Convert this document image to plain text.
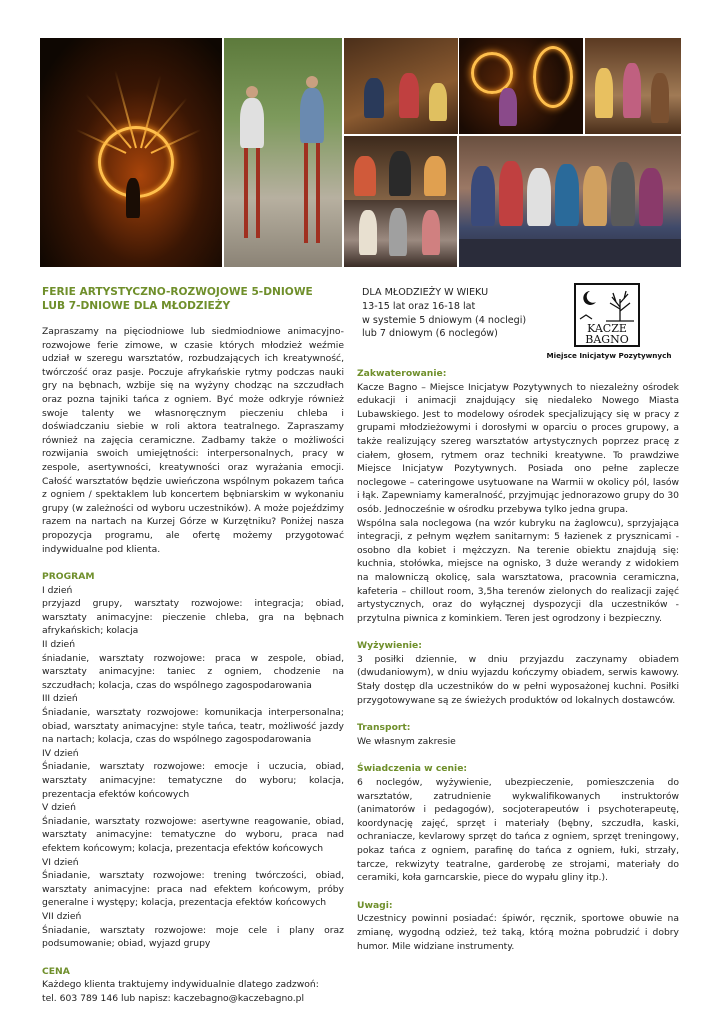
FERIE ARTYSTYCZNO-ROZWOJOWE 5-DNIOWE
LUB 7-DNIOWE DLA MŁODZIEŻY

Zapraszamy na pięciodniowe lub siedmiodniowe animacyjno-rozwojowe ferie zimowe, w czasie których młodzież weźmie udział w szeregu warsztatów, rozbudzających ich kreatywność, twórczość oraz pasje. Poczuje afrykańskie rytmy podczas nauki gry na bębnach, wzbije się na wyżyny chodząc na szczudłach oraz pozna tajniki tańca z ogniem. Być może odkryje również swoje talenty we własnoręcznym pieczeniu chleba i doświadczaniu siebie w roli aktora teatralnego. Zapraszamy również na zajęcia ceramiczne. Zadbamy także o możliwości rozwijania swoich umiejętności: interpersonalnych, pracy w zespole, asertywności, kreatywności oraz wyrażania emocji. Całość warsztatów będzie uwieńczona wspólnym pokazem tańca z ogniem / spektaklem lub koncertem bębniarskim w wykonaniu grupy (w zależności od wyboru uczestników). A może pojeździmy razem na nartach na Kurzej Górze w Kurzętniku? Poniżej nasza propozycja programu, ale ofertę możemy przygotować indywidualne pod klienta.

PROGRAM
I dzień

przyjazd grupy, warsztaty rozwojowe: integracja; obiad, warsztaty animacyjne: pieczenie chleba, gra na bębnach afrykańskich; kolacja

II dzień

śniadanie, warsztaty rozwojowe: praca w zespole, obiad, warsztaty animacyjne: taniec z ogniem, chodzenie na szczudłach; kolacja, czas do wspólnego zagospodarowania

III dzień

Śniadanie, warsztaty rozwojowe: komunikacja interpersonalna; obiad, warsztaty animacyjne: style tańca, teatr, możliwość jazdy na nartach; kolacja, czas do wspólnego zagospodarowania

IV dzień

Śniadanie, warsztaty rozwojowe: emocje i uczucia, obiad, warsztaty animacyjne: tematyczne do wyboru; kolacja, prezentacja efektów końcowych

V dzień

Śniadanie, warsztaty rozwojowe: asertywne reagowanie, obiad, warsztaty animacyjne: tematyczne do wyboru, praca nad efektem końcowym; kolacja, prezentacja efektów końcowych

VI dzień

Śniadanie, warsztaty rozwojowe: trening twórczości, obiad, warsztaty animacyjne: praca nad efektem końcowym, próby generalne i występy; kolacja, prezentacja efektów końcowych

VII dzień

Śniadanie, warsztaty rozwojowe: moje cele i plany oraz podsumowanie; obiad, wyjazd grupy

CENA
Każdego klienta traktujemy indywidualnie dlatego zadzwoń:
tel. 603 789 146 lub napisz: kaczebagno@kaczebagno.pl
DLA MŁODZIEŻY W WIEKU
13-15 lat oraz 16-18 lat
w systemie 5 dniowym (4 noclegi)
lub 7 dniowym (6 noclegów)	KACZE
BAGNO
Miejsce Inicjatyw Pozytywnych
Zakwaterowanie:

Kacze Bagno – Miejsce Inicjatyw Pozytywnych to niezależny ośrodek edukacji i animacji znajdujący się niedaleko Nowego Miasta Lubawskiego. Jest to modelowy ośrodek specjalizujący się w pracy z grupami młodzieżowymi i dorosłymi w oparciu o proces grupowy, a także realizujący szereg warsztatów artystycznych poprzez pracę z ciałem, głosem, rytmem oraz techniki kreatywne. To prawdziwe Miejsce Inicjatyw Pozytywnych. Posiada ono pełne zaplecze noclegowe – cateringowe usytuowane na Warmii w okolicy pól, lasów i łąk. Zapewniamy kameralność, przyjmując jednorazowo grupy do 30 osób. Jednocześnie w ośrodku przebywa tylko jedna grupa.

Wspólna sala noclegowa (na wzór kubryku na żaglowcu), sprzyjająca integracji, z pełnym węzłem sanitarnym: 5 łazienek z prysznicami - osobno dla kobiet i mężczyzn. Na terenie obiektu znajdują się: kuchnia, stołówka, miejsce na ognisko, 3 duże werandy z widokiem na malowniczą okolicę, sala warsztatowa, pracownia ceramiczna, kafeteria – chillout room, 3,5ha terenów zielonych do realizacji zajęć artystycznych, oraz do wyłącznej dyspozycji dla uczestników - przytulna piwnica z kominkiem. Teren jest ogrodzony i bezpieczny.

Wyżywienie:

3 posiłki dziennie, w dniu przyjazdu zaczynamy obiadem (dwudaniowym), w dniu wyjazdu kończymy obiadem, serwis kawowy. Stały dostęp dla uczestników do w pełni wyposażonej kuchni. Posiłki przygotowywane są ze świeżych produktów od lokalnych dostawców.

Transport:

We własnym zakresie

Świadczenia w cenie:

6 noclegów, wyżywienie, ubezpieczenie, pomieszczenia do warsztatów, zatrudnienie wykwalifikowanych instruktorów (animatorów i pedagogów), socjoterapeutów i psychoterapeutę, koordynację zajęć, sprzęt i materiały (bębny, szczudła, kaski, ochraniacze, kevlarowy sprzęt do tańca z ogniem, sprzęt treningowy, pokaz tańca z ogniem, parafinę do tańca z ogniem, łuki, strzały, tarcze, rekwizyty teatralne, garderobę ze strojami, materiały do ceramiki, koła garncarskie, piece do wypału gliny itp.).

Uwagi:

Uczestnicy powinni posiadać: śpiwór, ręcznik, sportowe obuwie na zmianę, wygodną odzież, też taką, którą można pobrudzić i dobry humor. Mile widziane instrumenty.
